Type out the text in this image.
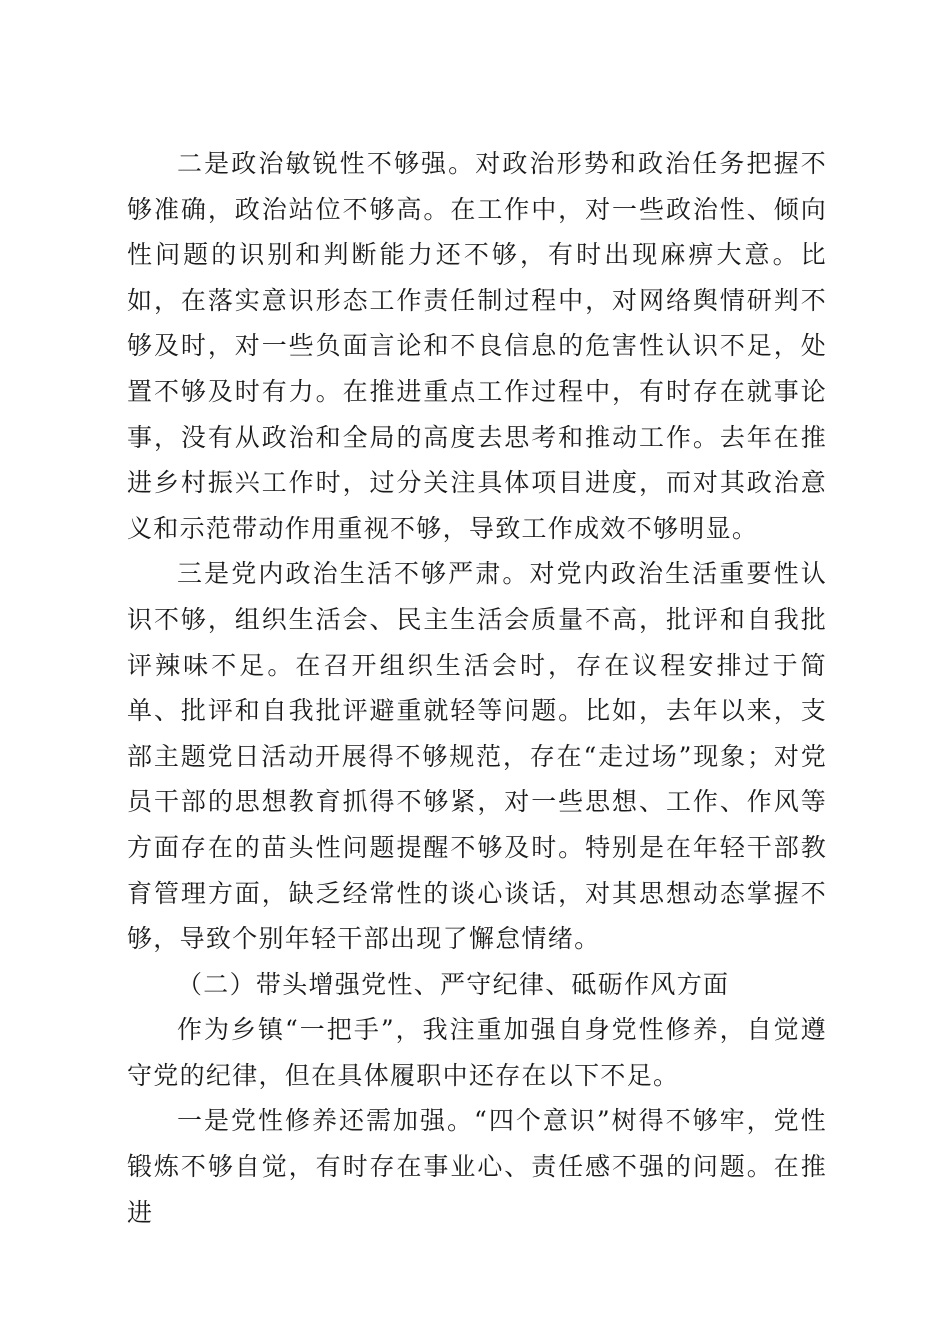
二是政治敏锐性不够强。对政治形势和政治任务把握不够准确，政治站位不够高。在工作中，对一些政治性、倾向性问题的识别和判断能力还不够，有时出现麻痹大意。比如，在落实意识形态工作责任制过程中，对网络舆情研判不够及时，对一些负面言论和不良信息的危害性认识不足，处置不够及时有力。在推进重点工作过程中，有时存在就事论事，没有从政治和全局的高度去思考和推动工作。去年在推进乡村振兴工作时，过分关注具体项目进度，而对其政治意义和示范带动作用重视不够，导致工作成效不够明显。

三是党内政治生活不够严肃。对党内政治生活重要性认识不够，组织生活会、民主生活会质量不高，批评和自我批评辣味不足。在召开组织生活会时，存在议程安排过于简单、批评和自我批评避重就轻等问题。比如，去年以来，支部主题党日活动开展得不够规范，存在“走过场”现象；对党员干部的思想教育抓得不够紧，对一些思想、工作、作风等方面存在的苗头性问题提醒不够及时。特别是在年轻干部教育管理方面，缺乏经常性的谈心谈话，对其思想动态掌握不够，导致个别年轻干部出现了懈怠情绪。

（二）带头增强党性、严守纪律、砥砺作风方面

作为乡镇“一把手”，我注重加强自身党性修养，自觉遵守党的纪律，但在具体履职中还存在以下不足。

一是党性修养还需加强。“四个意识”树得不够牢，党性锻炼不够自觉，有时存在事业心、责任感不强的问题。在推进
